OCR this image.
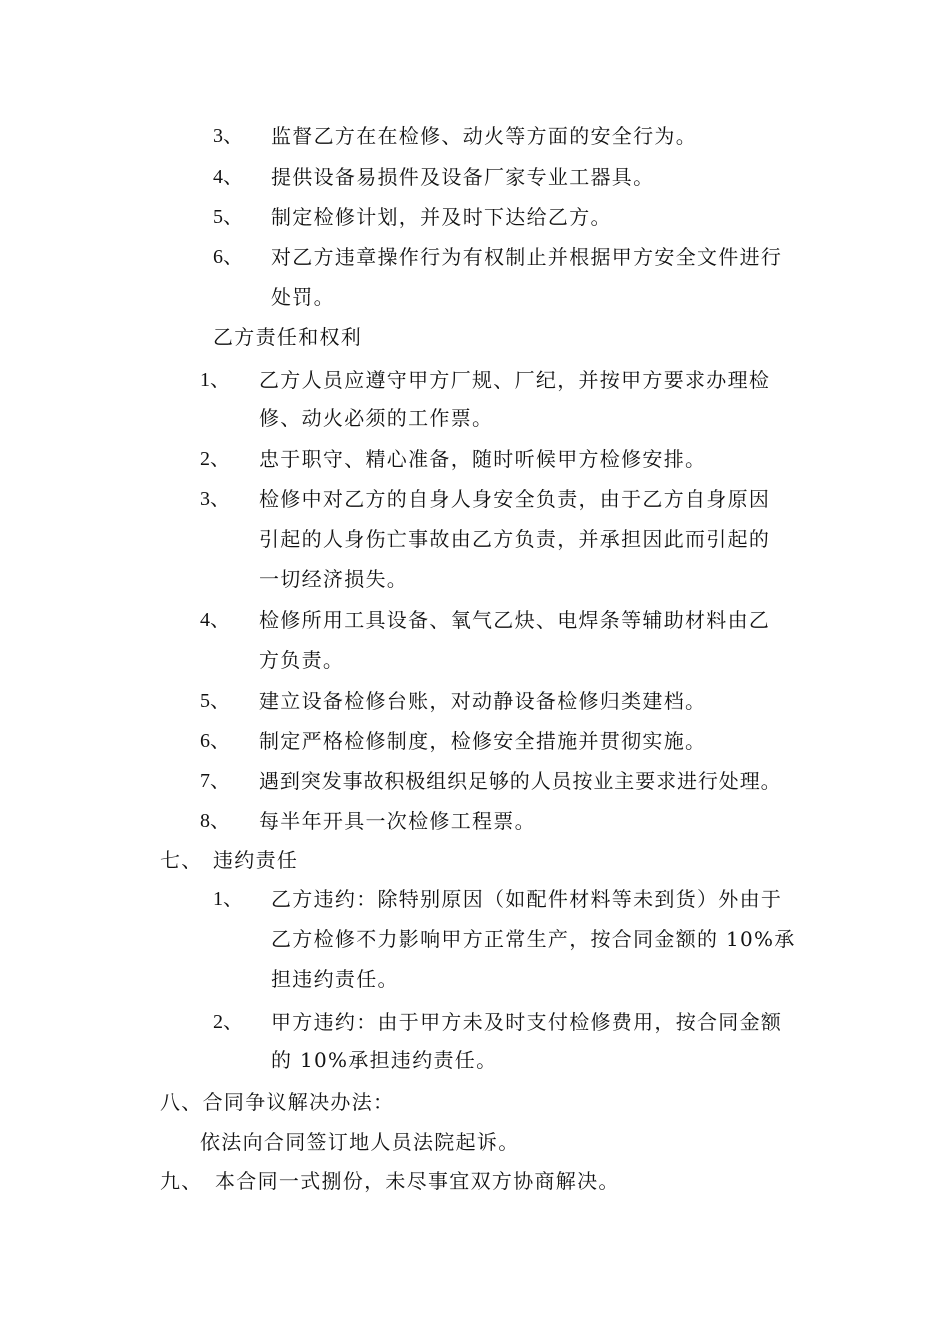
3、 监督乙方在在检修、动火等方面的安全行为。
4、 提供设备易损件及设备厂家专业工器具。
5、 制定检修计划，并及时下达给乙方。
6、 对乙方违章操作行为有权制止并根据甲方安全文件进行
处罚。
乙方责任和权利
1、 乙方人员应遵守甲方厂规、厂纪，并按甲方要求办理检
修、动火必须的工作票。
2、 忠于职守、精心准备，随时听候甲方检修安排。
3、 检修中对乙方的自身人身安全负责，由于乙方自身原因
引起的人身伤亡事故由乙方负责，并承担因此而引起的
一切经济损失。
4、 检修所用工具设备、氧气乙炔、电焊条等辅助材料由乙
方负责。
5、 建立设备检修台账，对动静设备检修归类建档。
6、 制定严格检修制度，检修安全措施并贯彻实施。
7、 遇到突发事故积极组织足够的人员按业主要求进行处理。
8、 每半年开具一次检修工程票。
七、 违约责任
1、 乙方违约：除特别原因（如配件材料等未到货）外由于
乙方检修不力影响甲方正常生产，按合同金额的 10%承
担违约责任。
2、 甲方违约：由于甲方未及时支付检修费用，按合同金额
的 10%承担违约责任。
八、合同争议解决办法：
依法向合同签订地人员法院起诉。
九、 本合同一式捌份，未尽事宜双方协商解决。
